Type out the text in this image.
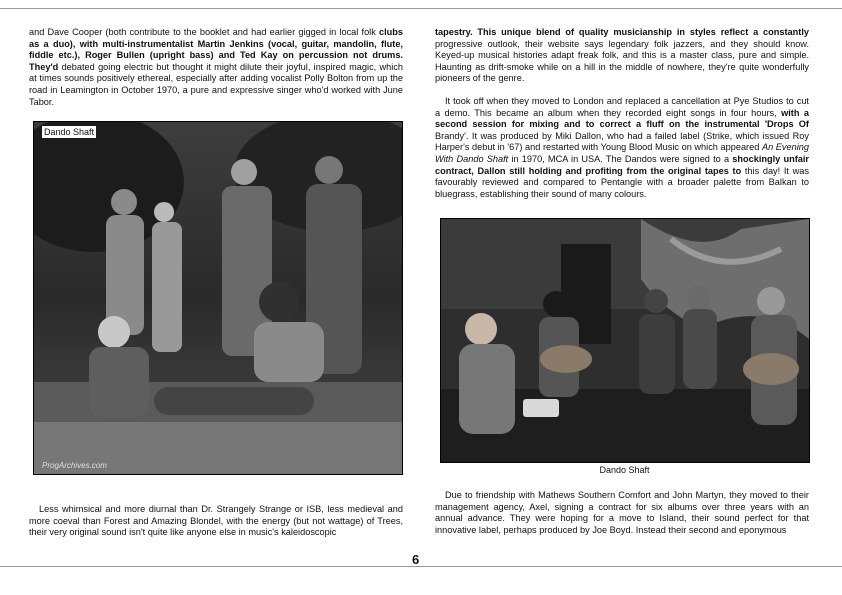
and Dave Cooper (both contribute to the booklet and had earlier gigged in local folk clubs as a duo), with multi-instrumentalist Martin Jenkins (vocal, guitar, mandolin, flute, fiddle etc.), Roger Bullen (upright bass) and Ted Kay on percussion not drums. They'd debated going electric but thought it might dilute their joyful, inspired magic, which at times sounds positively ethereal, especially after adding vocalist Polly Bolton from up the road in Leamington in October 1970, a pure and expressive singer who'd worked with June Tabor.

Dando Shaft
ProgArchives.com

Less whimsical and more diurnal than Dr. Strangely Strange or ISB, less medieval and more coeval than Forest and Amazing Blondel, with the energy (but not wattage) of Trees, their very original sound isn't quite like anyone else in music's kaleidoscopic

tapestry. This unique blend of quality musicianship in styles reflect a constantly progressive outlook, their website says legendary folk jazzers, and they should know. Keyed-up musical histories adapt freak folk, and this is a master class, pure and simple. Haunting as drift-smoke while on a hill in the middle of nowhere, they're quite wonderfully pioneers of the genre.

It took off when they moved to London and replaced a cancellation at Pye Studios to cut a demo. This became an album when they recorded eight songs in four hours, with a second session for mixing and to correct a fluff on the instrumental 'Drops Of Brandy'. It was produced by Miki Dallon, who had a failed label (Strike, which issued Roy Harper's debut in '67) and restarted with Young Blood Music on which appeared An Evening With Dando Shaft in 1970, MCA in USA. The Dandos were signed to a shockingly unfair contract, Dallon still holding and profiting from the original tapes to this day! It was favourably reviewed and compared to Pentangle with a broader palette from Balkan to bluegrass, establishing their sound of many colours.

Dando Shaft

Due to friendship with Mathews Southern Comfort and John Martyn, they moved to their management agency, Axel, signing a contract for six albums over three years with an annual advance. They were hoping for a move to Island, their sound perfect for that innovative label, perhaps produced by Joe Boyd. Instead their second and eponymous

6
